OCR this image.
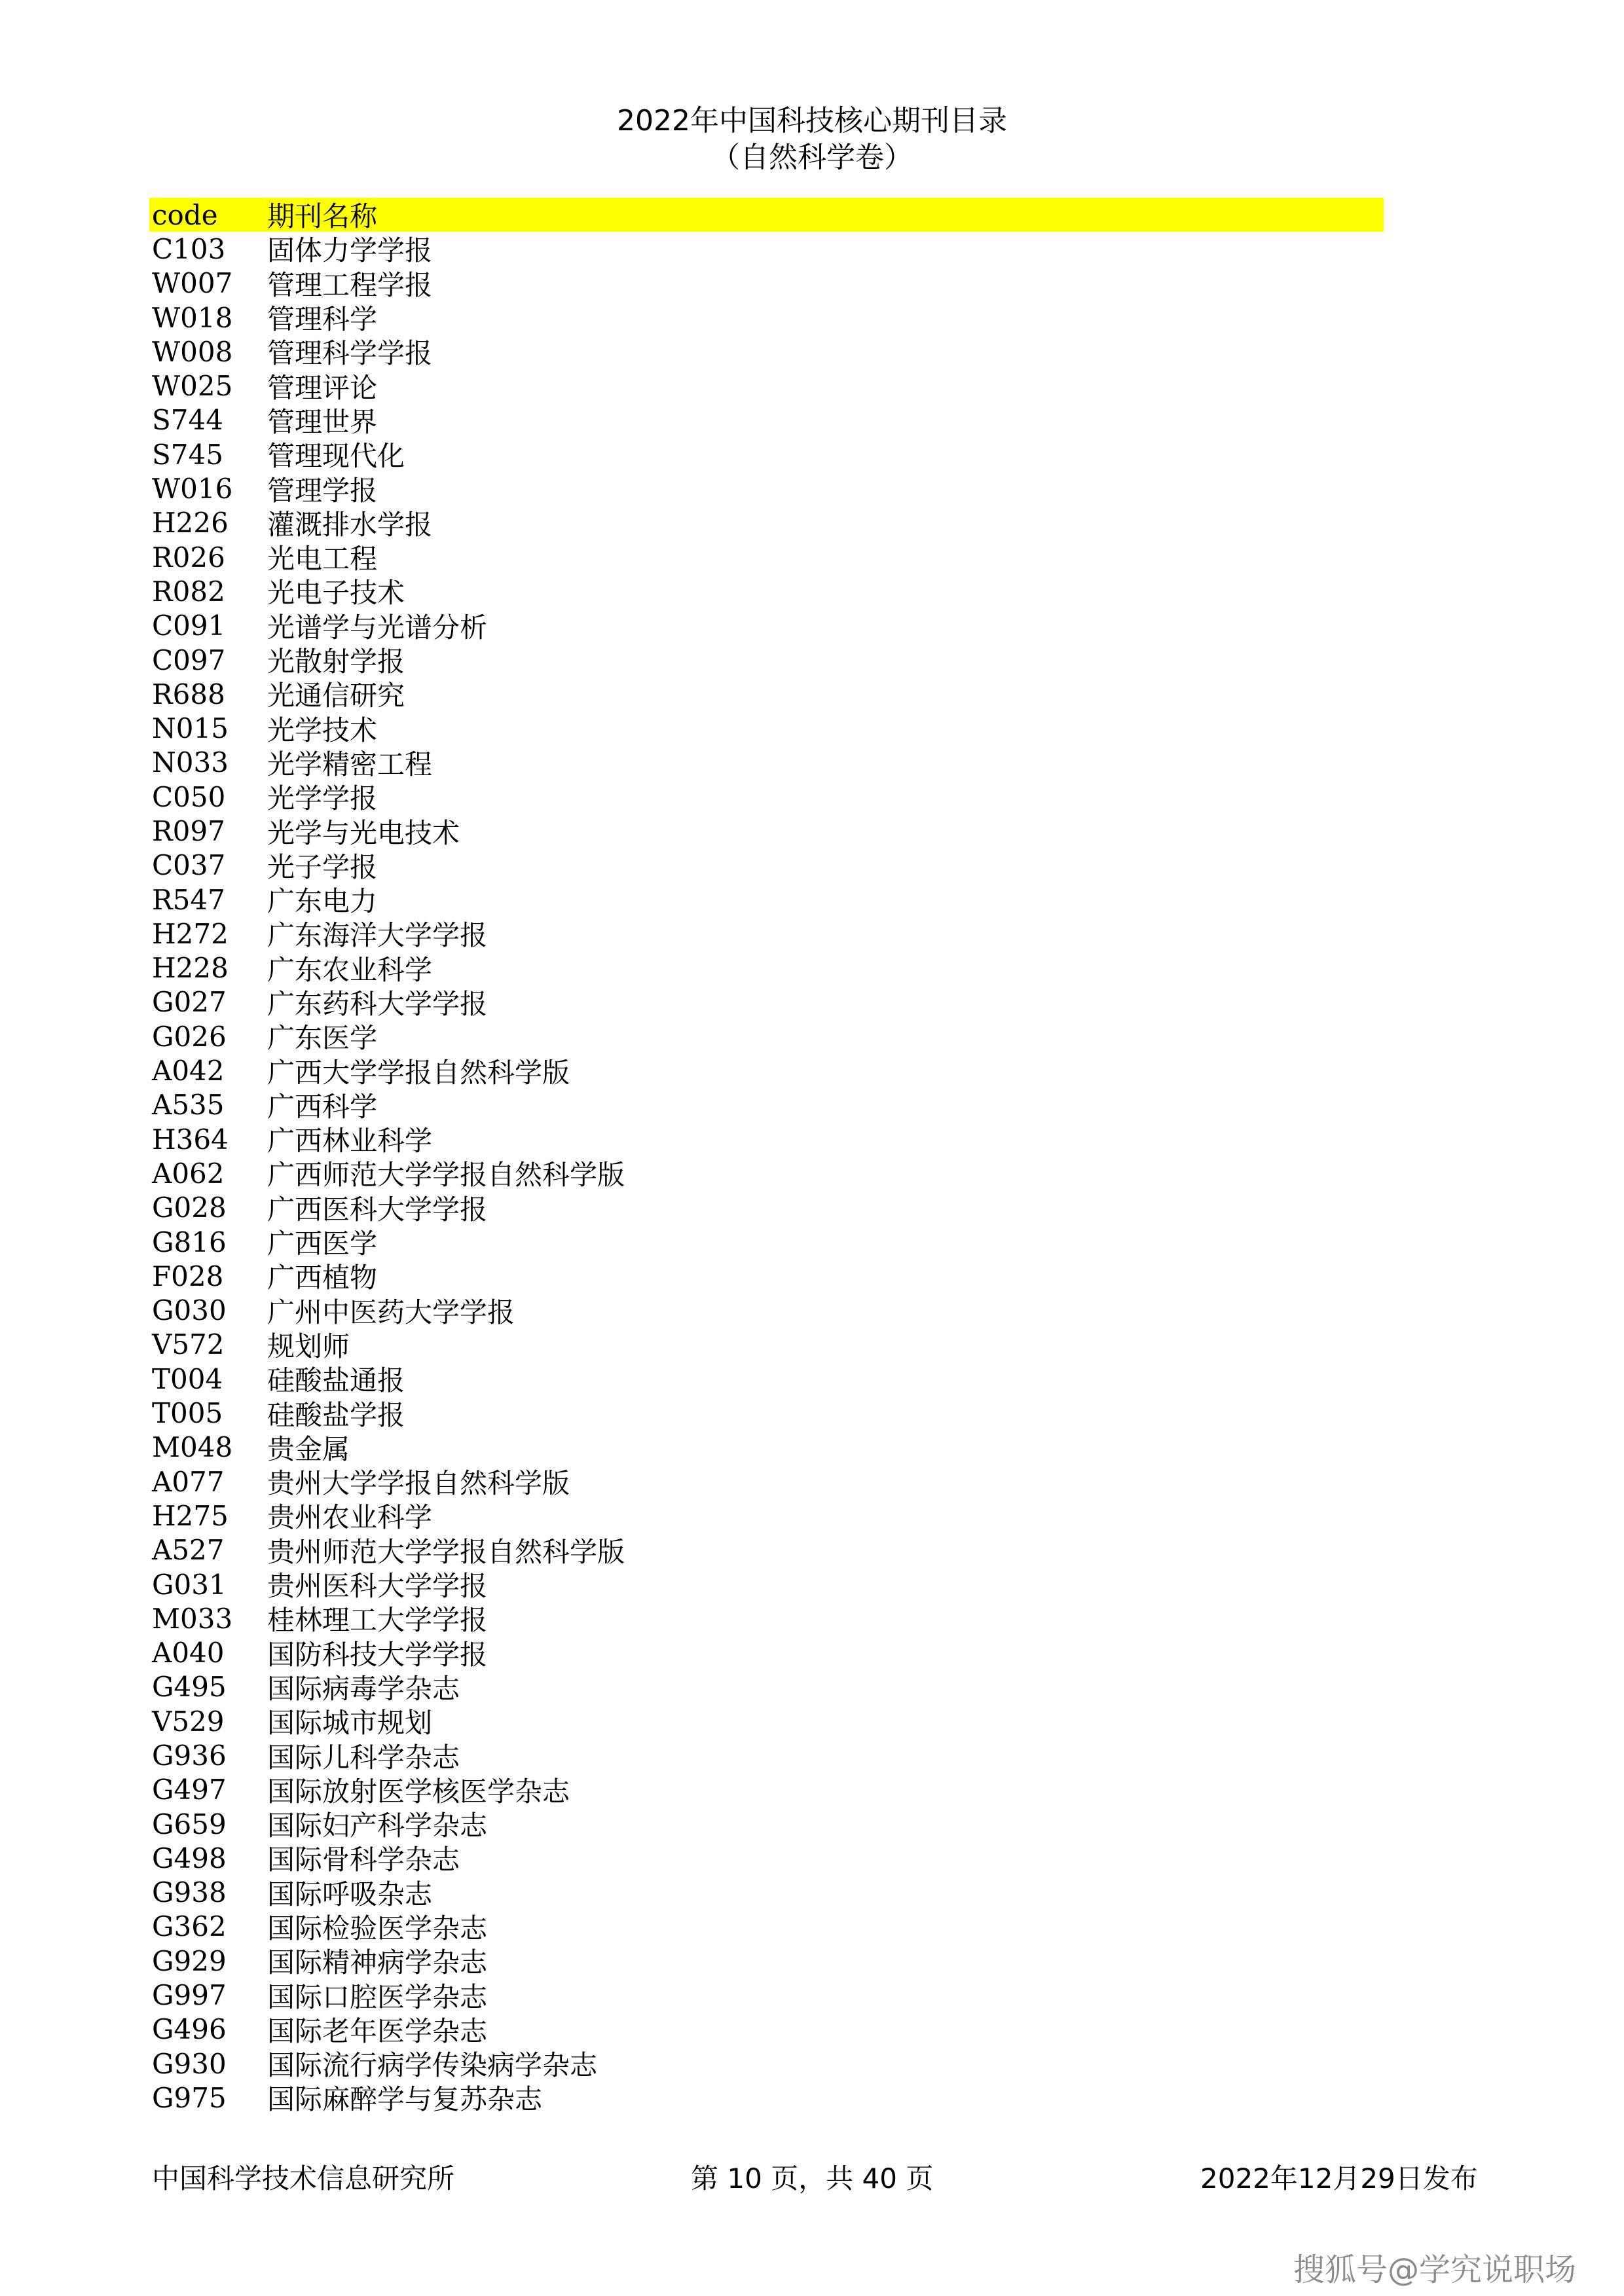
2022年中国科技核心期刊目录
（自然科学卷）
code	期刊名称
C103	固体力学学报
W007	管理工程学报
W018	管理科学
W008	管理科学学报
W025	管理评论
S744	管理世界
S745	管理现代化
W016	管理学报
H226	灌溉排水学报
R026	光电工程
R082	光电子技术
C091	光谱学与光谱分析
C097	光散射学报
R688	光通信研究
N015	光学技术
N033	光学精密工程
C050	光学学报
R097	光学与光电技术
C037	光子学报
R547	广东电力
H272	广东海洋大学学报
H228	广东农业科学
G027	广东药科大学学报
G026	广东医学
A042	广西大学学报自然科学版
A535	广西科学
H364	广西林业科学
A062	广西师范大学学报自然科学版
G028	广西医科大学学报
G816	广西医学
F028	广西植物
G030	广州中医药大学学报
V572	规划师
T004	硅酸盐通报
T005	硅酸盐学报
M048	贵金属
A077	贵州大学学报自然科学版
H275	贵州农业科学
A527	贵州师范大学学报自然科学版
G031	贵州医科大学学报
M033	桂林理工大学学报
A040	国防科技大学学报
G495	国际病毒学杂志
V529	国际城市规划
G936	国际儿科学杂志
G497	国际放射医学核医学杂志
G659	国际妇产科学杂志
G498	国际骨科学杂志
G938	国际呼吸杂志
G362	国际检验医学杂志
G929	国际精神病学杂志
G997	国际口腔医学杂志
G496	国际老年医学杂志
G930	国际流行病学传染病学杂志
G975	国际麻醉学与复苏杂志
中国科学技术信息研究所	第 10 页，共 40 页	2022年12月29日发布
搜狐号@学究说职场
